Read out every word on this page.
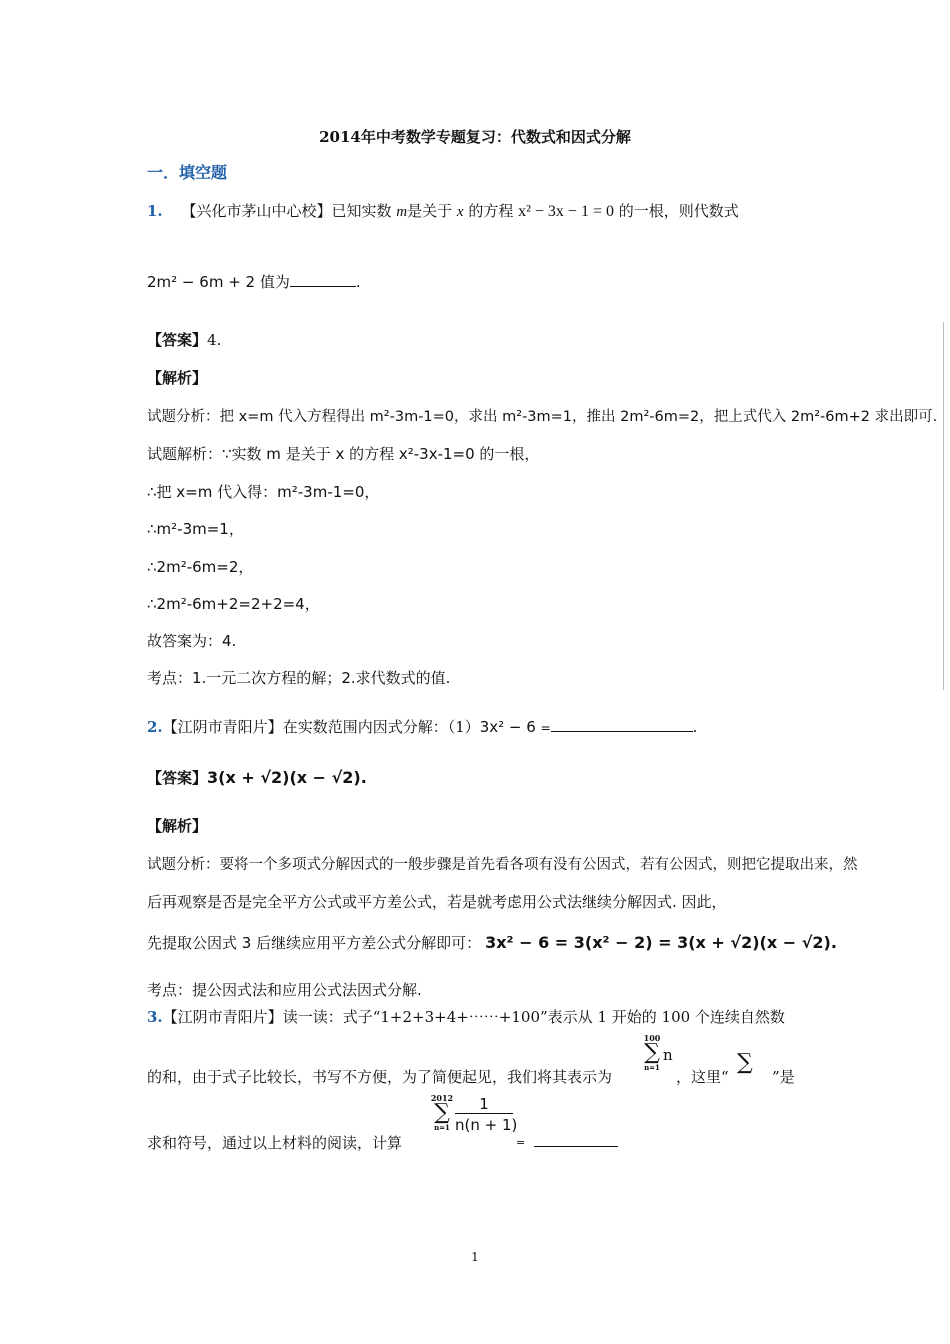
2014年中考数学专题复习：代数式和因式分解
一．填空题
1. 【兴化市茅山中心校】已知实数 m是关于 x 的方程 x² − 3x − 1 = 0 的一根，则代数式
2m² − 6m + 2 值为	.
【答案】4.
【解析】
试题分析：把 x=m 代入方程得出 m²-3m-1=0，求出 m²-3m=1，推出 2m²-6m=2，把上式代入 2m²-6m+2 求出即可.
试题解析：∵实数 m 是关于 x 的方程 x²-3x-1=0 的一根，
∴把 x=m 代入得：m²-3m-1=0，
∴m²-3m=1，
∴2m²-6m=2，
∴2m²-6m+2=2+2=4，
故答案为：4.
考点：1.一元二次方程的解；2.求代数式的值.
2.【江阴市青阳片】在实数范围内因式分解：（1）3x² − 6 =	.
【答案】3(x + √2)(x − √2).
【解析】
试题分析：要将一个多项式分解因式的一般步骤是首先看各项有没有公因式，若有公因式，则把它提取出来，然
后再观察是否是完全平方公式或平方差公式，若是就考虑用公式法继续分解因式. 因此，
先提取公因式 3 后继续应用平方差公式分解即可： 3x² − 6 = 3(x² − 2) = 3(x + √2)(x − √2).
考点：提公因式法和应用公式法因式分解.
3.【江阴市青阳片】读一读：式子“1+2+3+4+⋯⋯+100”表示从 1 开始的 100 个连续自然数
的和，由于式子比较长，书写不方便，为了简便起见，我们将其表示为
100
∑
n=1
n
，这里“
∑
”是
求和符号，通过以上材料的阅读，计算
2012
∑
$n=1 \frac{1}{n(n + 1)}$
=
1
